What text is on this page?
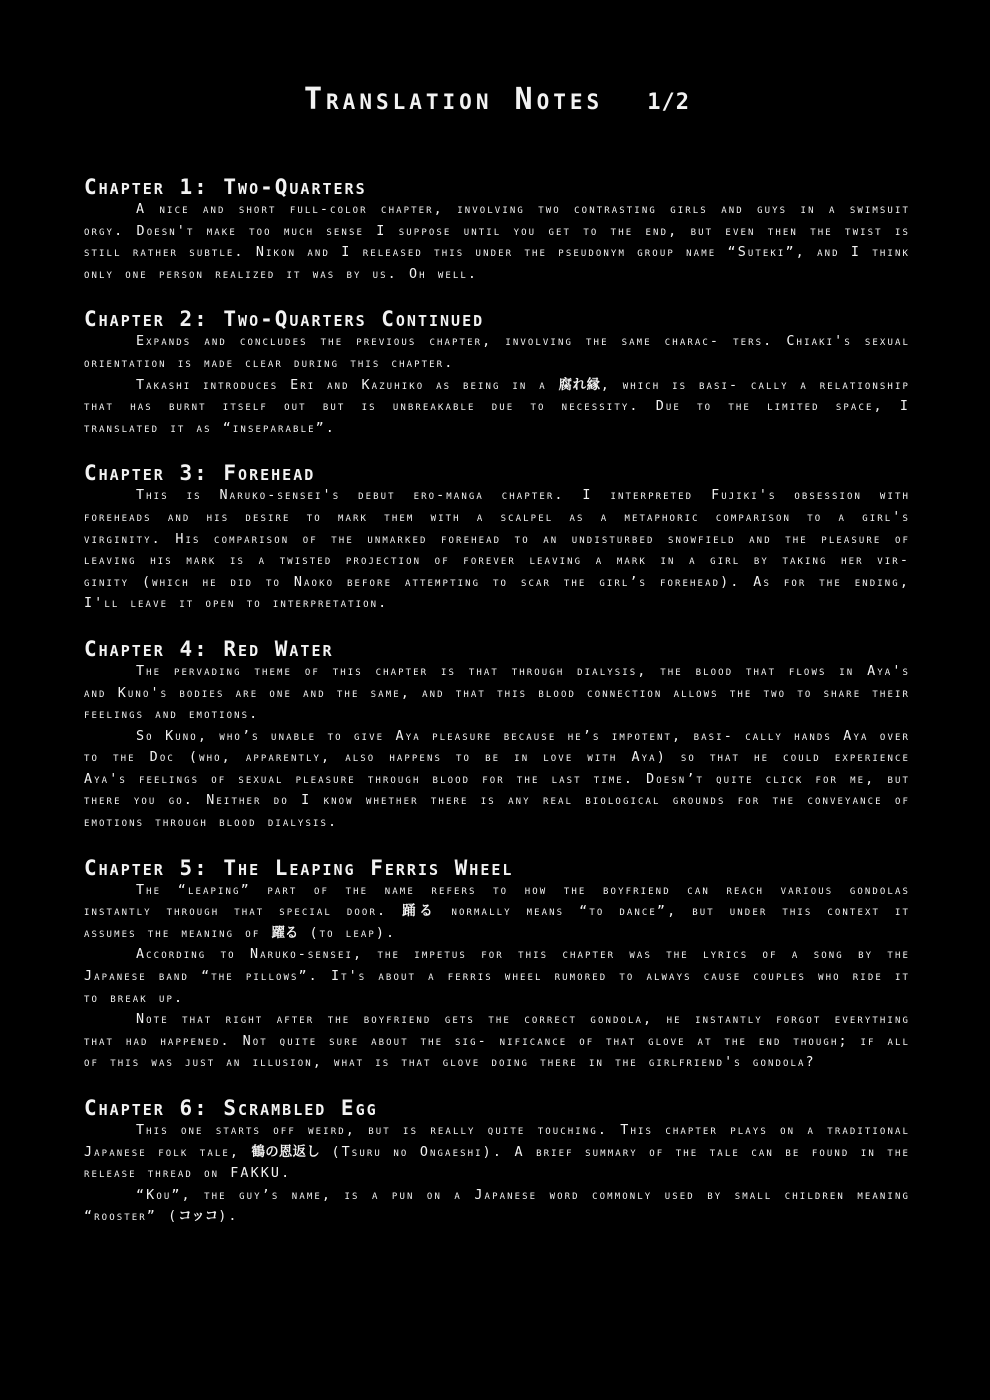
Translation Notes 1/2
Chapter 1: Two-Quarters

A nice and short full-color chapter, involving two contrasting girls and guys in a swimsuit orgy. Doesn't make too much sense I suppose until you get to the end, but even then the twist is still rather subtle. Nikon and I released this under the pseudonym group name “Suteki”, and I think only one person realized it was by us. Oh well.

Chapter 2: Two-Quarters Continued

Expands and concludes the previous chapter, involving the same charac- ters. Chiaki's sexual orientation is made clear during this chapter.

Takashi introduces Eri and Kazuhiko as being in a 腐れ縁, which is basi- cally a relationship that has burnt itself out but is unbreakable due to necessity. Due to the limited space, I translated it as “inseparable”.

Chapter 3: Forehead

This is Naruko-sensei's debut ero-manga chapter. I interpreted Fujiki's obsession with foreheads and his desire to mark them with a scalpel as a metaphoric comparison to a girl's virginity. His comparison of the unmarked forehead to an undisturbed snowfield and the pleasure of leaving his mark is a twisted projection of forever leaving a mark in a girl by taking her vir- ginity (which he did to Naoko before attempting to scar the girl’s forehead). As for the ending, I'll leave it open to interpretation.

Chapter 4: Red Water

The pervading theme of this chapter is that through dialysis, the blood that flows in Aya's and Kuno's bodies are one and the same, and that this blood connection allows the two to share their feelings and emotions.

So Kuno, who’s unable to give Aya pleasure because he’s impotent, basi- cally hands Aya over to the Doc (who, apparently, also happens to be in love with Aya) so that he could experience Aya's feelings of sexual pleasure through blood for the last time. Doesn’t quite click for me, but there you go. Neither do I know whether there is any real biological grounds for the conveyance of emotions through blood dialysis.

Chapter 5: The Leaping Ferris Wheel

The “leaping” part of the name refers to how the boyfriend can reach various gondolas instantly through that special door. 踊る normally means “to dance”, but under this context it assumes the meaning of 躍る (to leap).

According to Naruko-sensei, the impetus for this chapter was the lyrics of a song by the Japanese band “the pillows”. It's about a ferris wheel rumored to always cause couples who ride it to break up.

Note that right after the boyfriend gets the correct gondola, he instantly forgot everything that had happened. Not quite sure about the sig- nificance of that glove at the end though; if all of this was just an illusion, what is that glove doing there in the girlfriend's gondola?

Chapter 6: Scrambled Egg

This one starts off weird, but is really quite touching. This chapter plays on a traditional Japanese folk tale, 鶴の恩返し (Tsuru no Ongaeshi). A brief summary of the tale can be found in the release thread on FAKKU.

“Kou”, the guy’s name, is a pun on a Japanese word commonly used by small children meaning “rooster” (コッコ).
